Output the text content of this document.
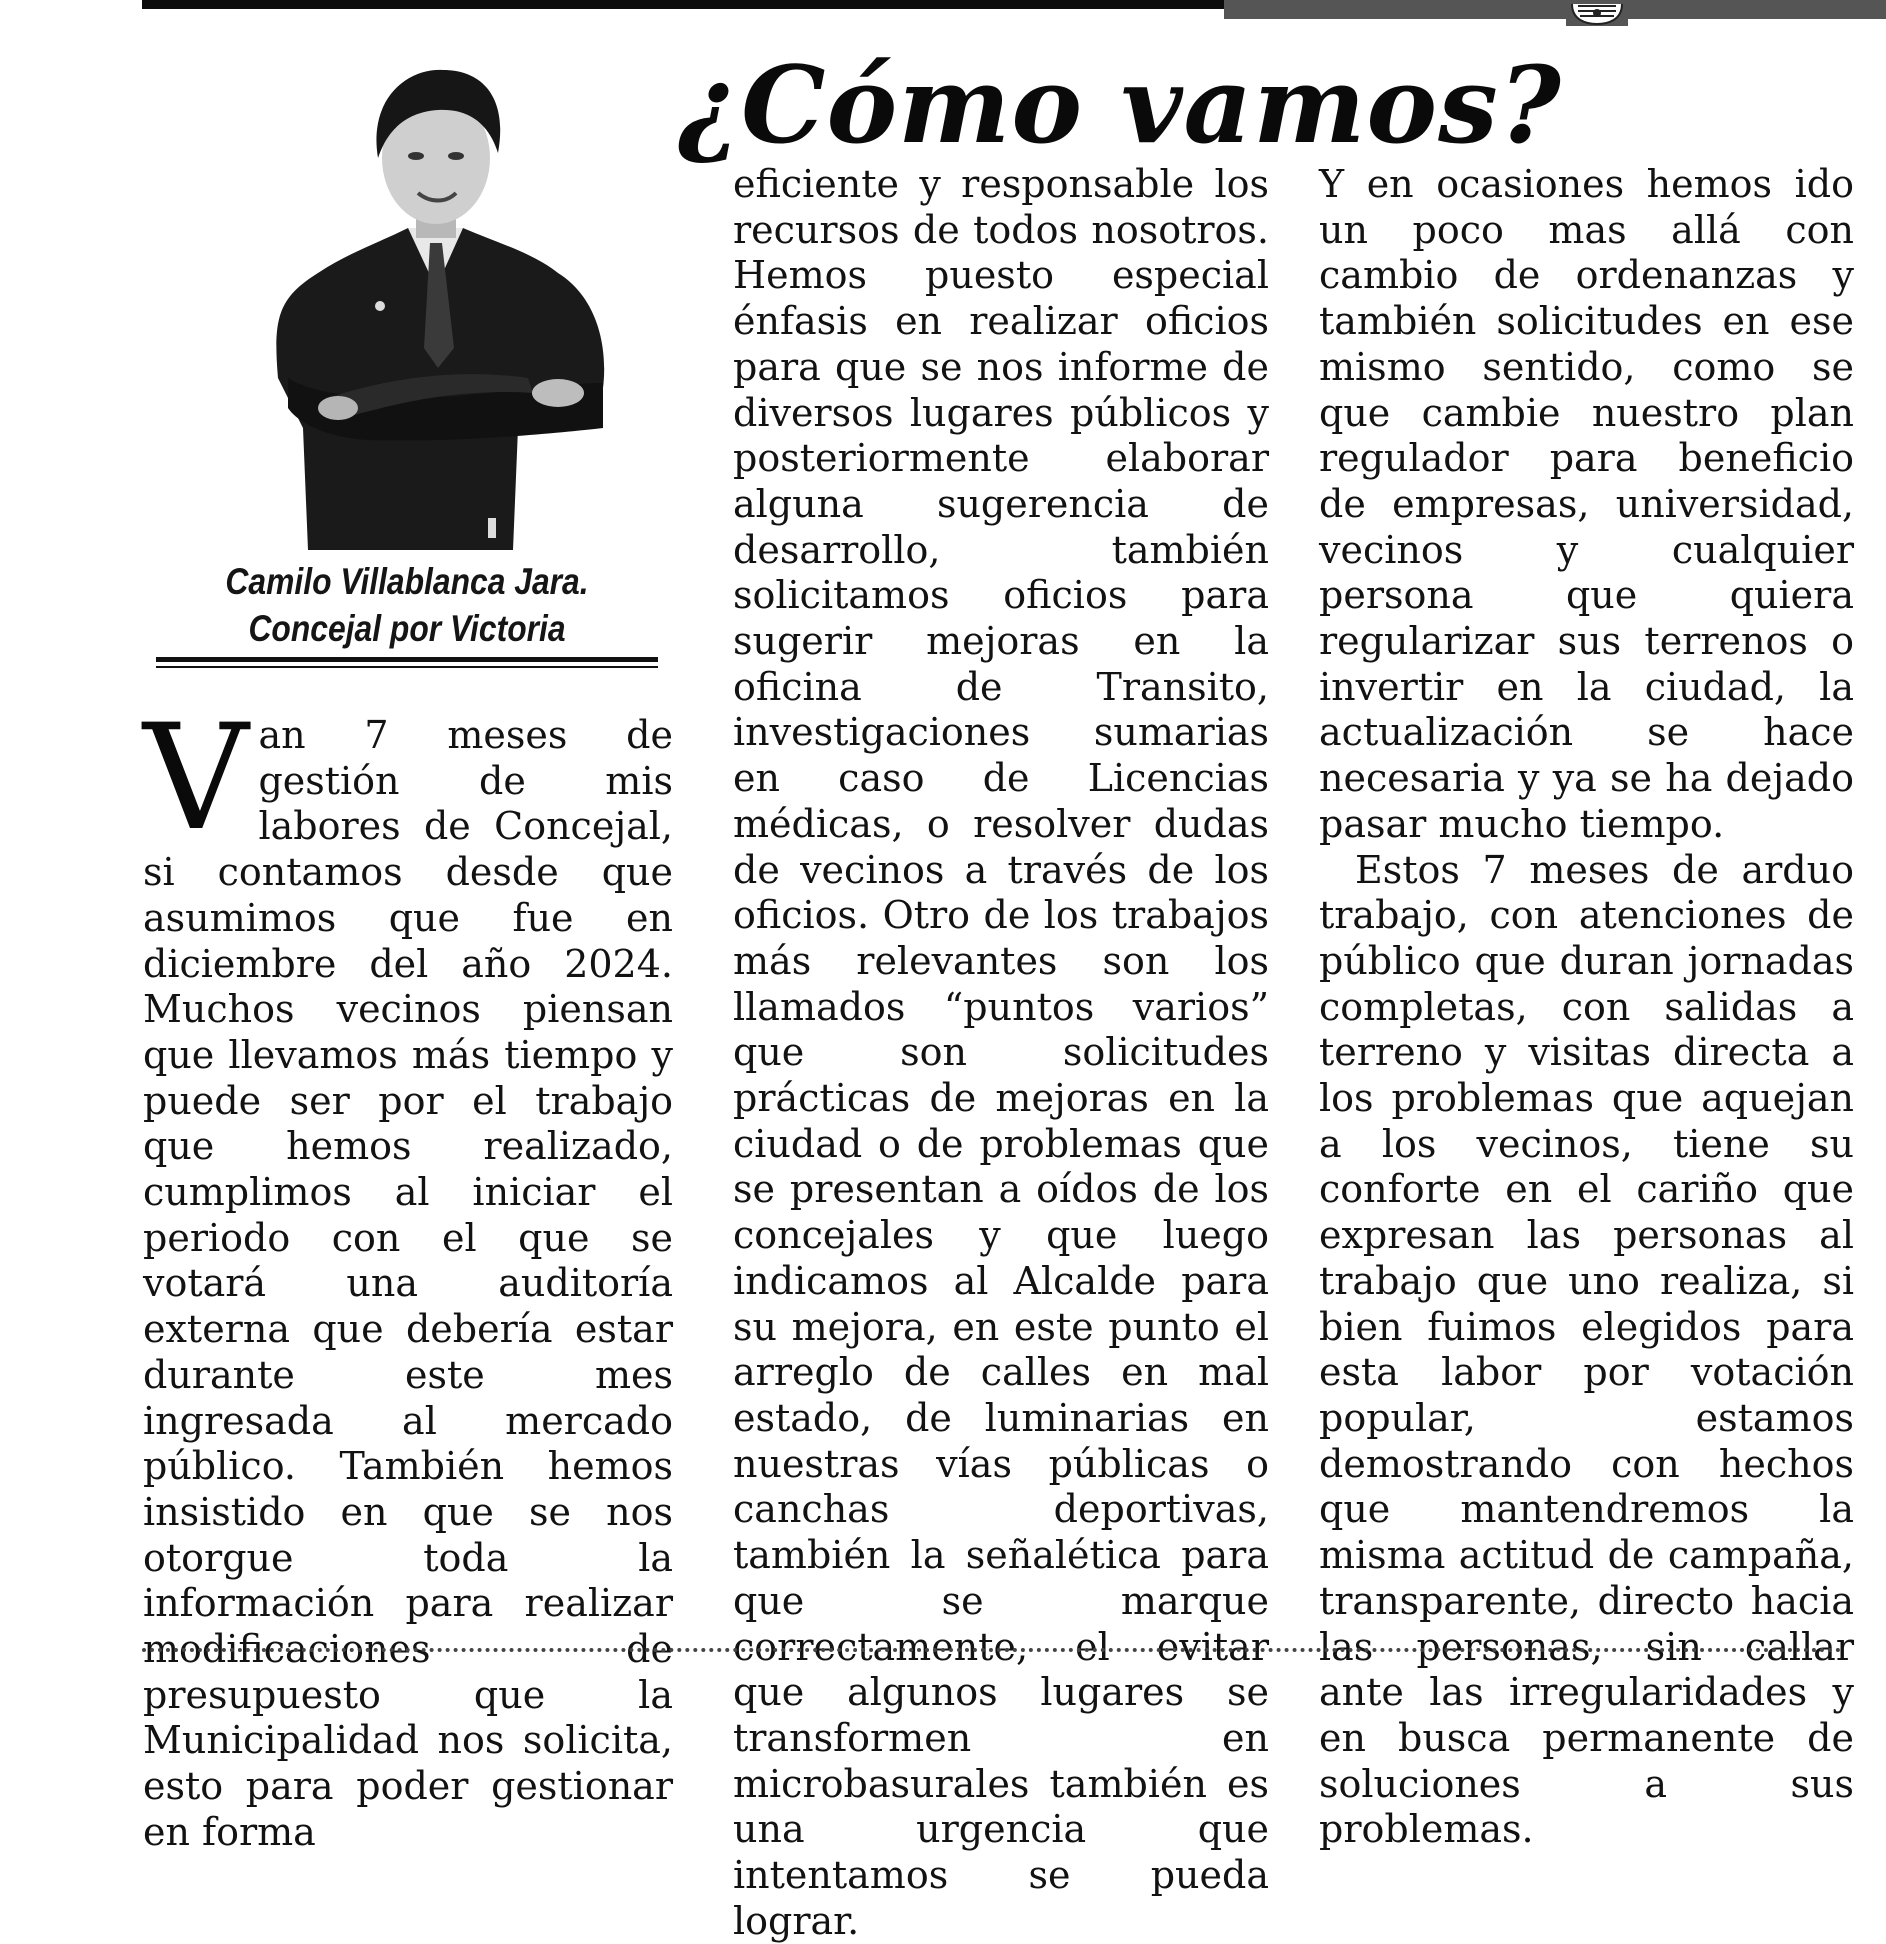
¿Cómo vamos?
Camilo Villablanca Jara.
Concejal por Victoria
V an 7 meses de gestión de mis labores de Concejal, si contamos desde que asumimos que fue en diciembre del año 2024. Muchos vecinos piensan que llevamos más tiempo y puede ser por el trabajo que hemos realizado, cumplimos al iniciar el periodo con el que se votará una auditoría externa que debería estar durante este mes ingresada al mercado público. También hemos insistido en que se nos otorgue toda la información para realizar modificaciones de presupuesto que la Municipalidad nos solicita, esto para poder gestionar en forma

eficiente y responsable los recursos de todos nosotros. Hemos puesto especial énfasis en realizar oficios para que se nos informe de diversos lugares públicos y posteriormente elaborar alguna sugerencia de desarrollo, también solicitamos oficios para sugerir mejoras en la oficina de Transito, investigaciones sumarias en caso de Licencias médicas, o resolver dudas de vecinos a través de los oficios. Otro de los trabajos más relevantes son los llamados “puntos varios” que son solicitudes prácticas de mejoras en la ciudad o de problemas que se presentan a oídos de los concejales y que luego indicamos al Alcalde para su mejora, en este punto el arreglo de calles en mal estado, de luminarias en nuestras vías públicas o canchas deportivas, también la señalética para que se marque correctamente, el evitar que algunos lugares se transformen en microbasurales también es una urgencia que intentamos se pueda lograr.

Y en ocasiones hemos ido un poco mas allá con cambio de ordenanzas y también solicitudes en ese mismo sentido, como se que cambie nuestro plan regulador para beneficio de empresas, universidad, vecinos y cualquier persona que quiera regularizar sus terrenos o invertir en la ciudad, la actualización se hace necesaria y ya se ha dejado pasar mucho tiempo.

Estos 7 meses de arduo trabajo, con atenciones de público que duran jornadas completas, con salidas a terreno y visitas directa a los problemas que aquejan a los vecinos, tiene su conforte en el cariño que expresan las personas al trabajo que uno realiza, si bien fuimos elegidos para esta labor por votación popular, estamos demostrando con hechos que mantendremos la misma actitud de campaña, transparente, directo hacia las personas, sin callar ante las irregularidades y en busca permanente de soluciones a sus problemas.
